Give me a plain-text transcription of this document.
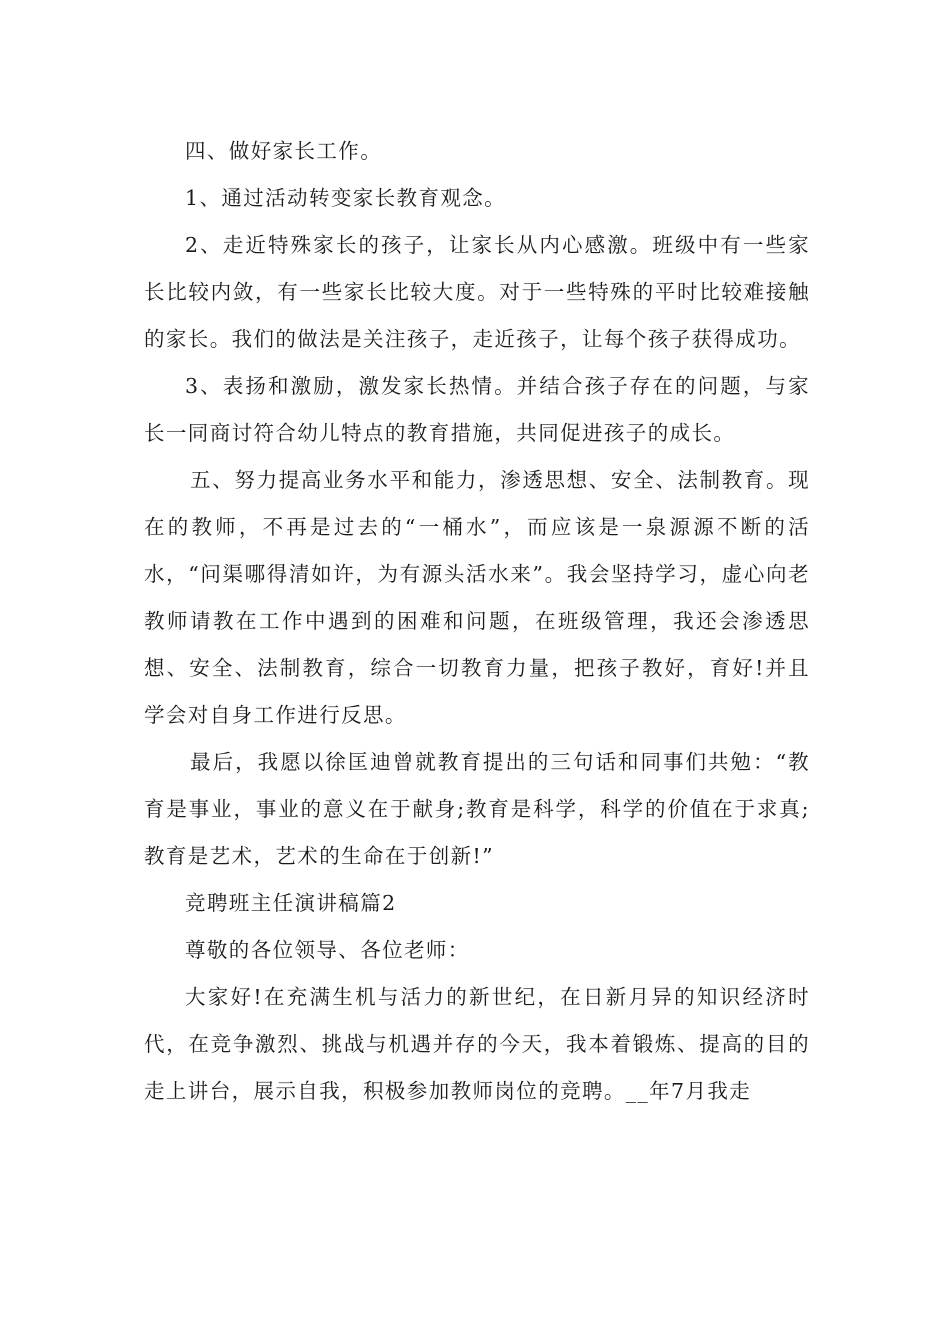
四、做好家长工作。

1、通过活动转变家长教育观念。

2、走近特殊家长的孩子，让家长从内心感激。班级中有一些家长比较内敛，有一些家长比较大度。对于一些特殊的平时比较难接触的家长。我们的做法是关注孩子，走近孩子，让每个孩子获得成功。

3、表扬和激励，激发家长热情。并结合孩子存在的问题，与家长一同商讨符合幼儿特点的教育措施，共同促进孩子的成长。

五、努力提高业务水平和能力，渗透思想、安全、法制教育。现在的教师，不再是过去的“一桶水”，而应该是一泉源源不断的活水，“问渠哪得清如许，为有源头活水来”。我会坚持学习，虚心向老教师请教在工作中遇到的困难和问题，在班级管理，我还会渗透思想、安全、法制教育，综合一切教育力量，把孩子教好，育好!并且学会对自身工作进行反思。

最后，我愿以徐匡迪曾就教育提出的三句话和同事们共勉：“教育是事业，事业的意义在于献身;教育是科学，科学的价值在于求真;教育是艺术，艺术的生命在于创新!”

竞聘班主任演讲稿篇2

尊敬的各位领导、各位老师：

大家好!在充满生机与活力的新世纪，在日新月异的知识经济时代，在竞争激烈、挑战与机遇并存的今天，我本着锻炼、提高的目的走上讲台，展示自我，积极参加教师岗位的竞聘。__年7月我走
